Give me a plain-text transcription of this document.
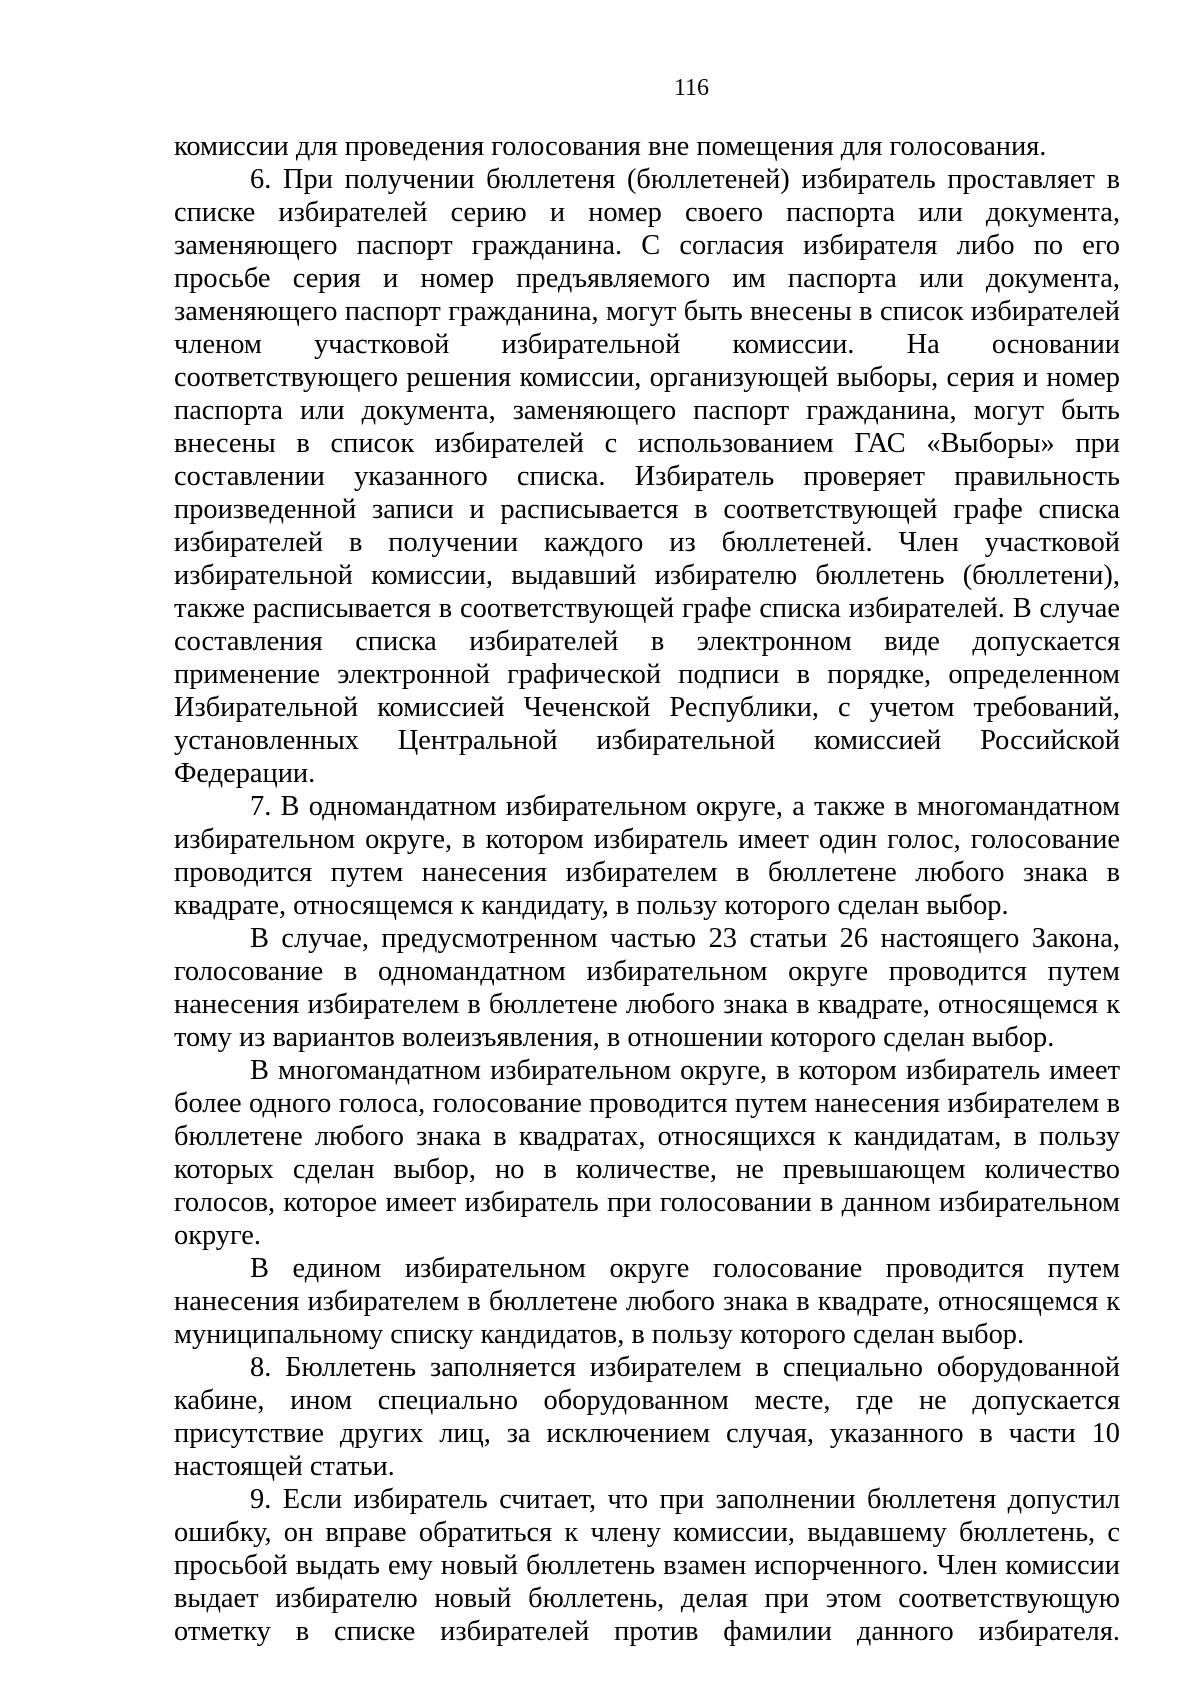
116

комиссии для проведения голосования вне помещения для голосования.

6. При получении бюллетеня (бюллетеней) избиратель проставляет в списке избирателей серию и номер своего паспорта или документа, заменяющего паспорт гражданина. С согласия избирателя либо по его просьбе серия и номер предъявляемого им паспорта или документа, заменяющего паспорт гражданина, могут быть внесены в список избирателей членом участковой избирательной комиссии. На основании соответствующего решения комиссии, организующей выборы, серия и номер паспорта или документа, заменяющего паспорт гражданина, могут быть внесены в список избирателей с использованием ГАС «Выборы» при составлении указанного списка. Избиратель проверяет правильность произведенной записи и расписывается в соответствующей графе списка избирателей в получении каждого из бюллетеней. Член участковой избирательной комиссии, выдавший избирателю бюллетень (бюллетени), также расписывается в соответствующей графе списка избирателей. В случае составления списка избирателей в электронном виде допускается применение электронной графической подписи в порядке, определенном Избирательной комиссией Чеченской Республики, с учетом требований, установленных Центральной избирательной комиссией Российской Федерации.

7. В одномандатном избирательном округе, а также в многомандатном избирательном округе, в котором избиратель имеет один голос, голосование проводится путем нанесения избирателем в бюллетене любого знака в квадрате, относящемся к кандидату, в пользу которого сделан выбор.

В случае, предусмотренном частью 23 статьи 26 настоящего Закона, голосование в одномандатном избирательном округе проводится путем нанесения избирателем в бюллетене любого знака в квадрате, относящемся к тому из вариантов волеизъявления, в отношении которого сделан выбор.

В многомандатном избирательном округе, в котором избиратель имеет более одного голоса, голосование проводится путем нанесения избирателем в бюллетене любого знака в квадратах, относящихся к кандидатам, в пользу которых сделан выбор, но в количестве, не превышающем количество голосов, которое имеет избиратель при голосовании в данном избирательном округе.

В едином избирательном округе голосование проводится путем нанесения избирателем в бюллетене любого знака в квадрате, относящемся к муниципальному списку кандидатов, в пользу которого сделан выбор.

8. Бюллетень заполняется избирателем в специально оборудованной кабине, ином специально оборудованном месте, где не допускается присутствие других лиц, за исключением случая, указанного в части 10 настоящей статьи.

9. Если избиратель считает, что при заполнении бюллетеня допустил ошибку, он вправе обратиться к члену комиссии, выдавшему бюллетень, с просьбой выдать ему новый бюллетень взамен испорченного. Член комиссии выдает избирателю новый бюллетень, делая при этом соответствующую отметку в списке избирателей против фамилии данного избирателя.
